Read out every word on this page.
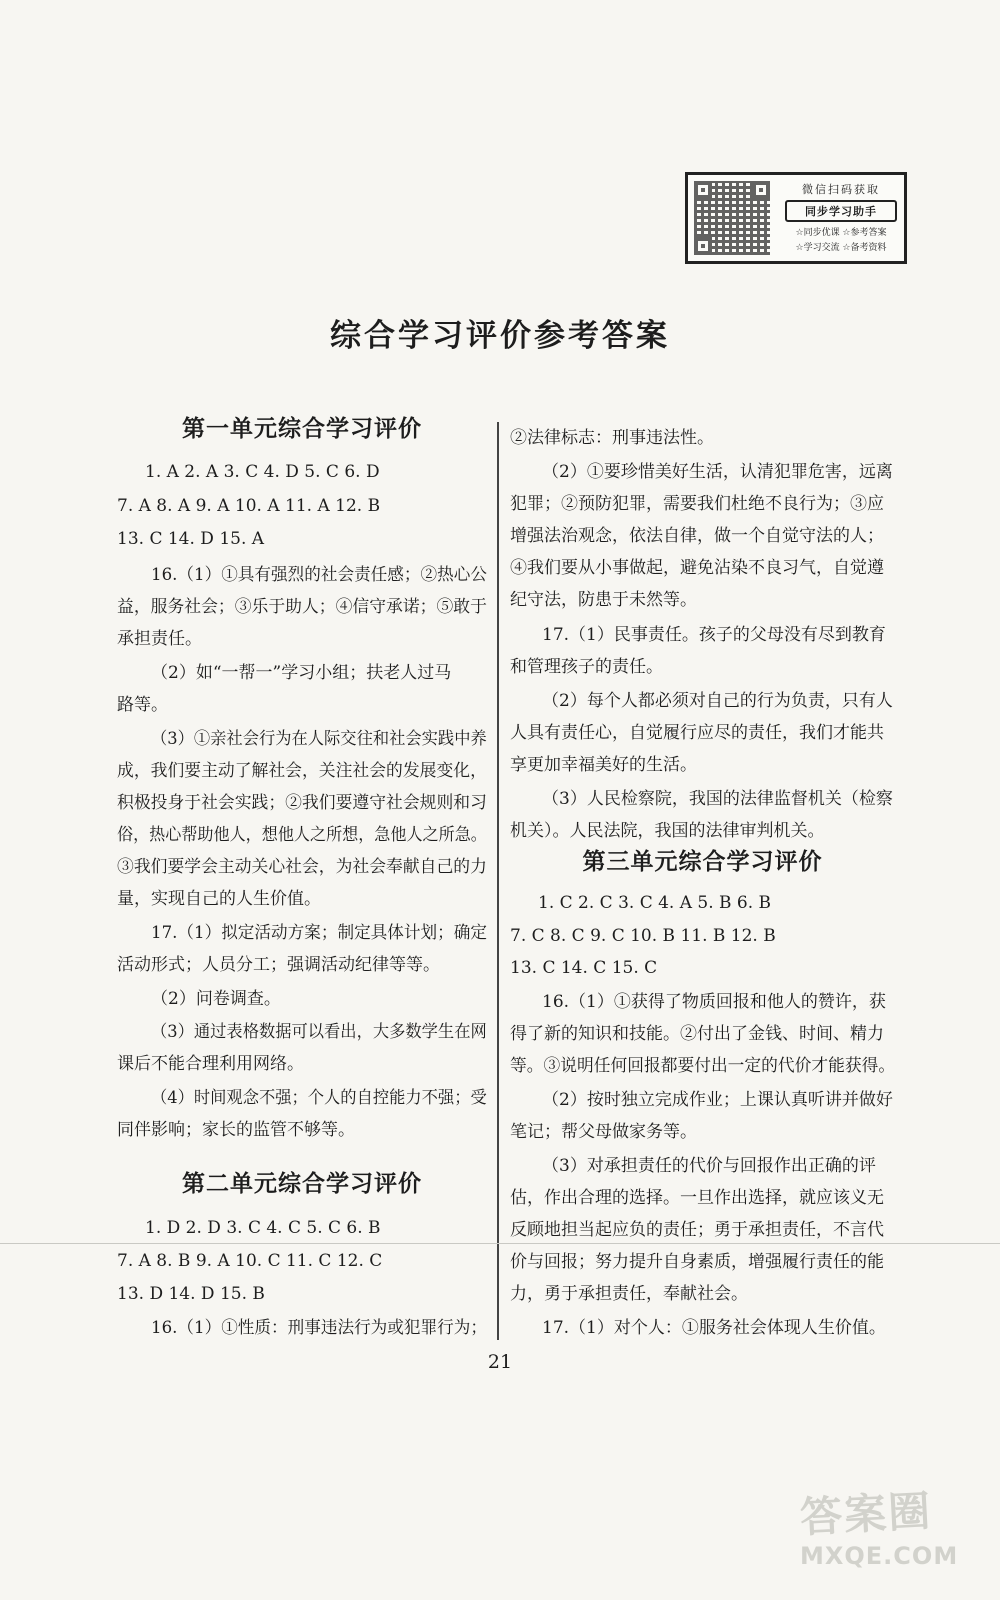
微信扫码获取
同步学习助手
☆同步优课 ☆参考答案
☆学习交流 ☆备考资料
综合学习评价参考答案
第一单元综合学习评价
1. A 2. A 3. C 4. D 5. C 6. D
7. A 8. A 9. A 10. A 11. A 12. B
13. C 14. D 15. A
16.（1）①具有强烈的社会责任感；②热心公
益，服务社会；③乐于助人；④信守承诺；⑤敢于
承担责任。
（2）如“一帮一”学习小组；扶老人过马
路等。
（3）①亲社会行为在人际交往和社会实践中养
成，我们要主动了解社会，关注社会的发展变化，
积极投身于社会实践；②我们要遵守社会规则和习
俗，热心帮助他人，想他人之所想，急他人之所急。
③我们要学会主动关心社会，为社会奉献自己的力
量，实现自己的人生价值。
17.（1）拟定活动方案；制定具体计划；确定
活动形式；人员分工；强调活动纪律等等。
（2）问卷调查。
（3）通过表格数据可以看出，大多数学生在网
课后不能合理利用网络。
（4）时间观念不强；个人的自控能力不强；受
同伴影响；家长的监管不够等。
第二单元综合学习评价
1. D 2. D 3. C 4. C 5. C 6. B
7. A 8. B 9. A 10. C 11. C 12. C
13. D 14. D 15. B
16.（1）①性质：刑事违法行为或犯罪行为；
②法律标志：刑事违法性。
（2）①要珍惜美好生活，认清犯罪危害，远离
犯罪；②预防犯罪，需要我们杜绝不良行为；③应
增强法治观念，依法自律，做一个自觉守法的人；
④我们要从小事做起，避免沾染不良习气，自觉遵
纪守法，防患于未然等。
17.（1）民事责任。孩子的父母没有尽到教育
和管理孩子的责任。
（2）每个人都必须对自己的行为负责，只有人
人具有责任心，自觉履行应尽的责任，我们才能共
享更加幸福美好的生活。
（3）人民检察院，我国的法律监督机关（检察
机关）。人民法院，我国的法律审判机关。
第三单元综合学习评价
1. C 2. C 3. C 4. A 5. B 6. B
7. C 8. C 9. C 10. B 11. B 12. B
13. C 14. C 15. C
16.（1）①获得了物质回报和他人的赞许，获
得了新的知识和技能。②付出了金钱、时间、精力
等。③说明任何回报都要付出一定的代价才能获得。
（2）按时独立完成作业；上课认真听讲并做好
笔记；帮父母做家务等。
（3）对承担责任的代价与回报作出正确的评
估，作出合理的选择。一旦作出选择，就应该义无
反顾地担当起应负的责任；勇于承担责任，不言代
价与回报；努力提升自身素质，增强履行责任的能
力，勇于承担责任，奉献社会。
17.（1）对个人：①服务社会体现人生价值。
21
答案圈
MXQE.COM
